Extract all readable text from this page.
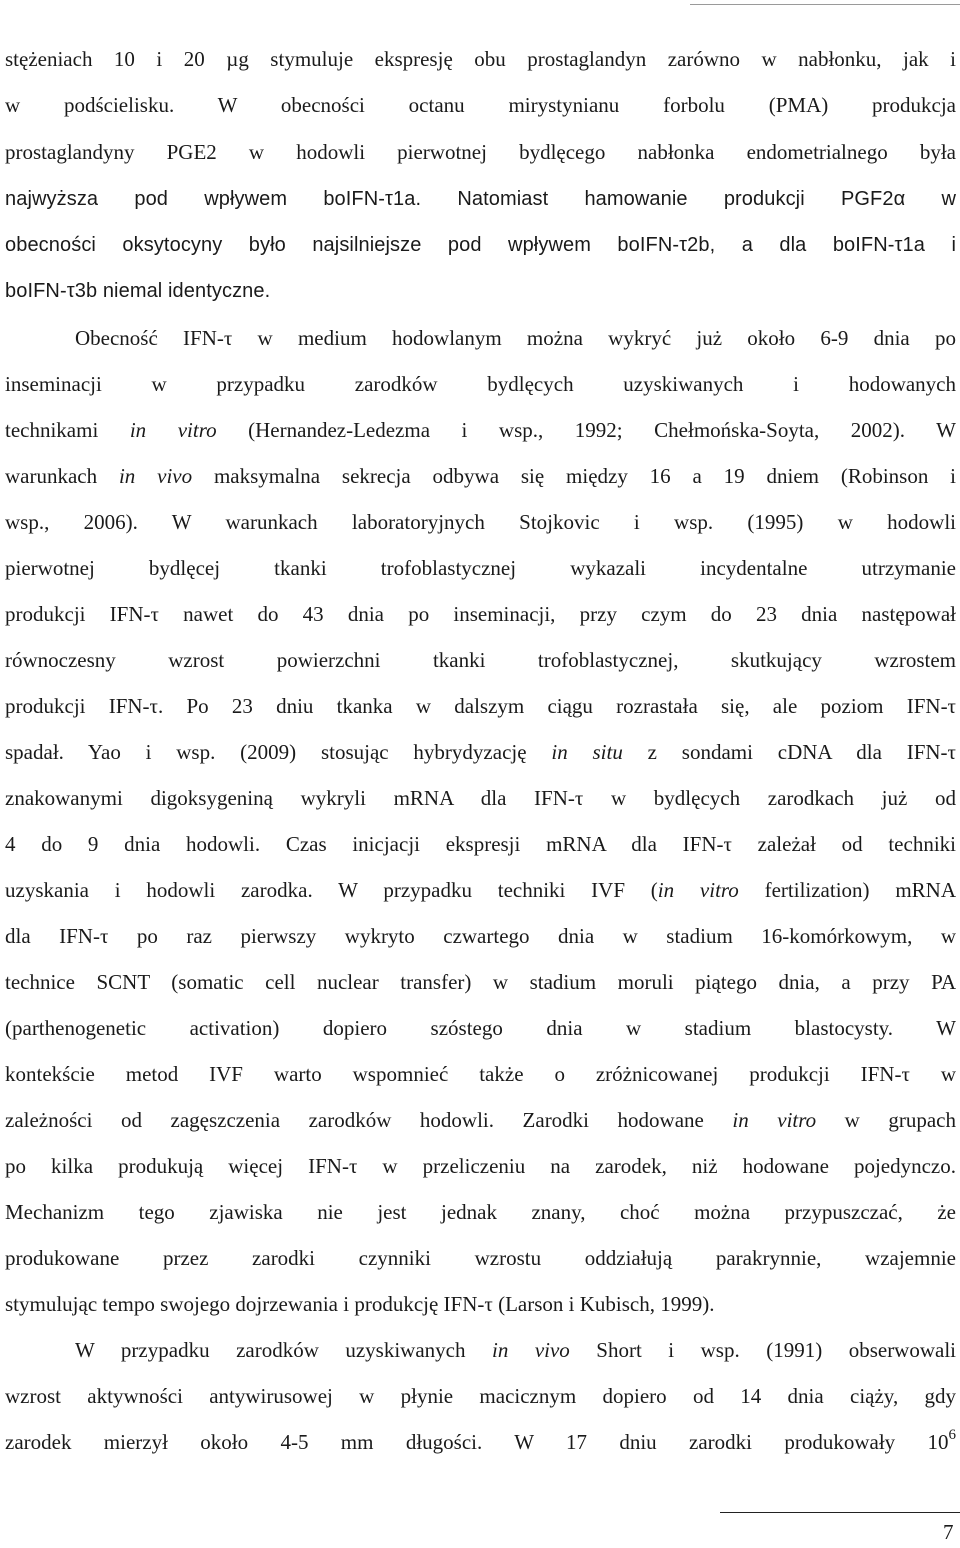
stężeniach 10 i 20 µg stymuluje ekspresję obu prostaglandyn zarówno w nabłonku, jak i
w podścielisku. W obecności octanu mirystynianu forbolu (PMA) produkcja
prostaglandyny PGE2 w hodowli pierwotnej bydlęcego nabłonka endometrialnego była
najwyższa pod wpływem boIFN-τ1a. Natomiast hamowanie produkcji PGF2α w
obecności oksytocyny było najsilniejsze pod wpływem boIFN-τ2b, a dla boIFN-τ1a i
boIFN-τ3b niemal identyczne.
Obecność IFN-τ w medium hodowlanym można wykryć już około 6-9 dnia po
inseminacji w przypadku zarodków bydlęcych uzyskiwanych i hodowanych
technikami in vitro (Hernandez-Ledezma i wsp., 1992; Chełmońska-Soyta, 2002). W
warunkach in vivo maksymalna sekrecja odbywa się między 16 a 19 dniem (Robinson i
wsp., 2006). W warunkach laboratoryjnych Stojkovic i wsp. (1995) w hodowli
pierwotnej bydlęcej tkanki trofoblastycznej wykazali incydentalne utrzymanie
produkcji IFN-τ nawet do 43 dnia po inseminacji, przy czym do 23 dnia następował
równoczesny wzrost powierzchni tkanki trofoblastycznej, skutkujący wzrostem
produkcji IFN-τ. Po 23 dniu tkanka w dalszym ciągu rozrastała się, ale poziom IFN-τ
spadał. Yao i wsp. (2009) stosując hybrydyzację in situ z sondami cDNA dla IFN-τ
znakowanymi digoksygeniną wykryli mRNA dla IFN-τ w bydlęcych zarodkach już od
4 do 9 dnia hodowli. Czas inicjacji ekspresji mRNA dla IFN-τ zależał od techniki
uzyskania i hodowli zarodka. W przypadku techniki IVF (in vitro fertilization) mRNA
dla IFN-τ po raz pierwszy wykryto czwartego dnia w stadium 16-komórkowym, w
technice SCNT (somatic cell nuclear transfer) w stadium moruli piątego dnia, a przy PA
(parthenogenetic activation) dopiero szóstego dnia w stadium blastocysty. W
kontekście metod IVF warto wspomnieć także o zróżnicowanej produkcji IFN-τ w
zależności od zagęszczenia zarodków hodowli. Zarodki hodowane in vitro w grupach
po kilka produkują więcej IFN-τ w przeliczeniu na zarodek, niż hodowane pojedynczo.
Mechanizm tego zjawiska nie jest jednak znany, choć można przypuszczać, że
produkowane przez zarodki czynniki wzrostu oddziałują parakrynnie, wzajemnie
stymulując tempo swojego dojrzewania i produkcję IFN-τ (Larson i Kubisch, 1999).
W przypadku zarodków uzyskiwanych in vivo Short i wsp. (1991) obserwowali
wzrost aktywności antywirusowej w płynie macicznym dopiero od 14 dnia ciąży, gdy
zarodek mierzył około 4-5 mm długości. W 17 dniu zarodki produkowały $10^6$
7
